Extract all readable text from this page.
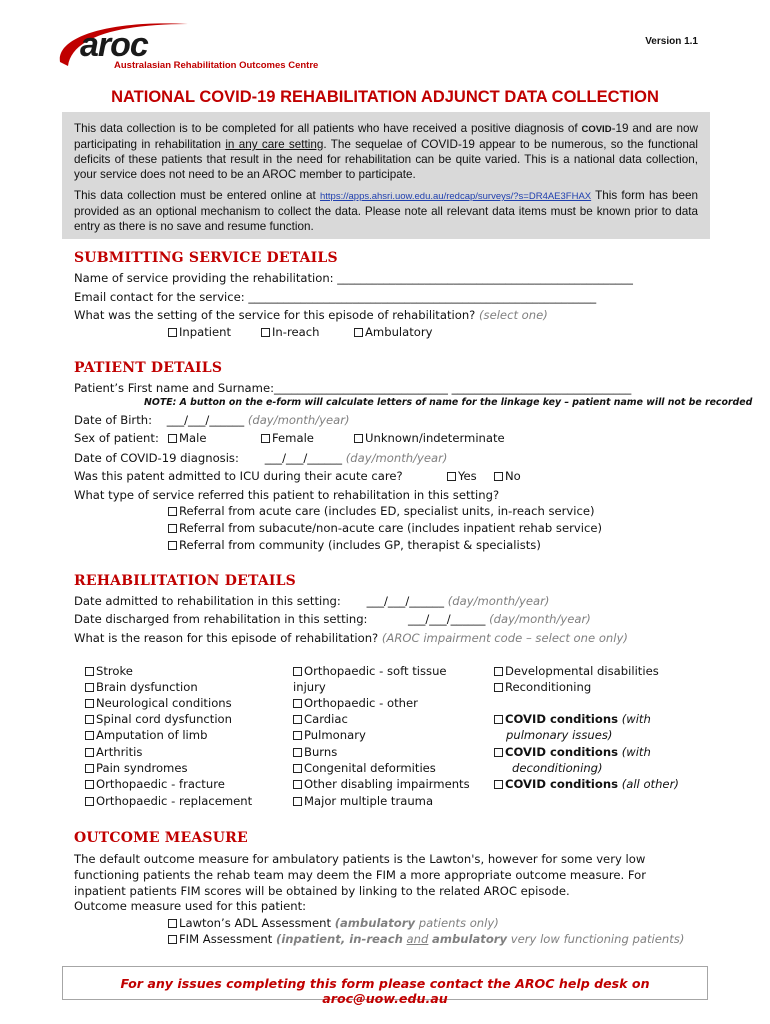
aroc
Australasian Rehabilitation Outcomes Centre
Version 1.1
NATIONAL COVID-19 REHABILITATION ADJUNCT DATA COLLECTION

This data collection is to be completed for all patients who have received a positive diagnosis of COVID-19 and are now participating in rehabilitation in any care setting. The sequelae of COVID-19 appear to be numerous, so the functional deficits of these patients that result in the need for rehabilitation can be quite varied. This is a national data collection, your service does not need to be an AROC member to participate.

This data collection must be entered online at https://apps.ahsri.uow.edu.au/redcap/surveys/?s=DR4AE3FHAX This form has been provided as an optional mechanism to collect the data. Please note all relevant data items must be known prior to data entry as there is no save and resume function.

SUBMITTING SERVICE DETAILS
Name of service providing the rehabilitation: ___________________________________________________
Email contact for the service: ____________________________________________________________
What was the setting of the service for this episode of rehabilitation? (select one)
Inpatient	In-reach	Ambulatory
PATIENT DETAILS
Patient’s First name and Surname:______________________________ _______________________________
NOTE: A button on the e-form will calculate letters of name for the linkage key – patient name will not be recorded
Date of Birth: ___/___/______ (day/month/year)
Sex of patient:	Male	Female	Unknown/indeterminate
Date of COVID-19 diagnosis: ___/___/______ (day/month/year)
Was this patent admitted to ICU during their acute care?	Yes	No
What type of service referred this patient to rehabilitation in this setting?
Referral from acute care (includes ED, specialist units, in-reach service)
Referral from subacute/non-acute care (includes inpatient rehab service)
Referral from community (includes GP, therapist & specialists)
REHABILITATION DETAILS
Date admitted to rehabilitation in this setting: ___/___/______ (day/month/year)
Date discharged from rehabilitation in this setting:	___/___/______ (day/month/year)
What is the reason for this episode of rehabilitation? (AROC impairment code – select one only)
Stroke
Brain dysfunction
Neurological conditions
Spinal cord dysfunction
Amputation of limb
Arthritis
Pain syndromes
Orthopaedic - fracture
Orthopaedic - replacement
Orthopaedic - soft tissue
injury
Orthopaedic - other
Cardiac
Pulmonary
Burns
Congenital deformities
Other disabling impairments
Major multiple trauma
Developmental disabilities
Reconditioning
COVID conditions (with
pulmonary issues)
COVID conditions (with
deconditioning)
COVID conditions (all other)
OUTCOME MEASURE
The default outcome measure for ambulatory patients is the Lawton's, however for some very low functioning patients the rehab team may deem the FIM a more appropriate outcome measure. For inpatient patients FIM scores will be obtained by linking to the related AROC episode.
Outcome measure used for this patient:
Lawton’s ADL Assessment (ambulatory patients only)
FIM Assessment (inpatient, in-reach and ambulatory very low functioning patients)
For any issues completing this form please contact the AROC help desk on aroc@uow.edu.au
